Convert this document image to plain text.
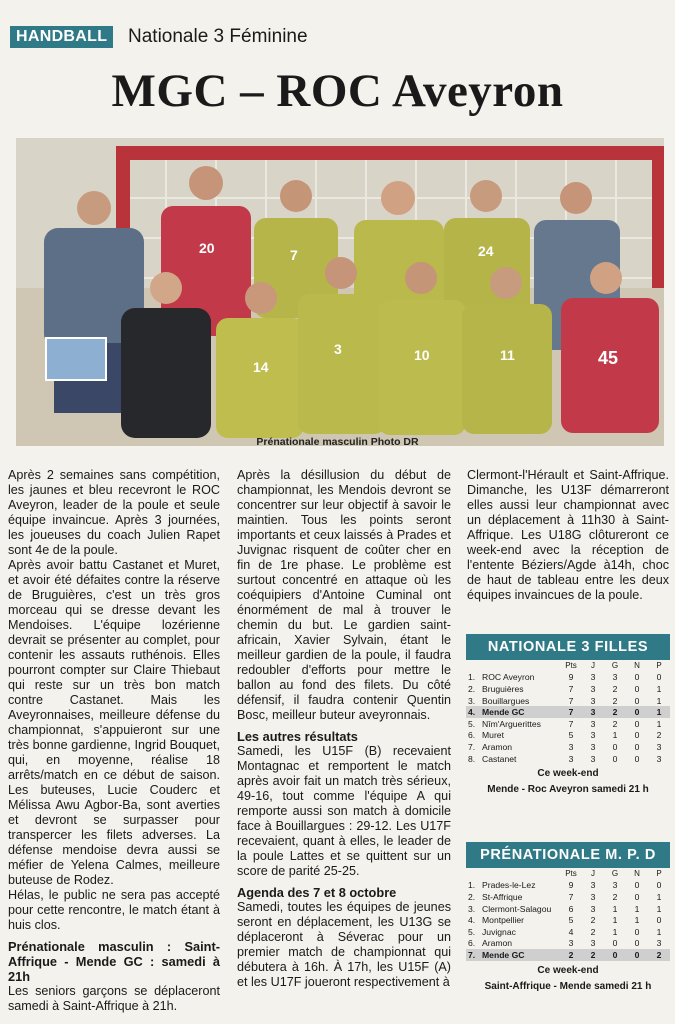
HANDBALL	Nationale 3 Féminine
MGC – ROC Aveyron
20	7	24
14
3	10	11	45
Prénationale masculin Photo DR

Après 2 semaines sans compétition, les jaunes et bleu recevront le ROC Aveyron, leader de la poule et seule équipe invaincue. Après 3 journées, les joueuses du coach Julien Rapet sont 4e de la poule.

Après avoir battu Castanet et Muret, et avoir été défaites contre la réserve de Bruguières, c'est un très gros morceau qui se dresse devant les Mendoises. L'équipe lozérienne devrait se présenter au complet, pour contenir les assauts ruthénois. Elles pourront compter sur Claire Thiebaut qui reste sur un très bon match contre Castanet. Mais les Aveyronnaises, meilleure défense du championnat, s'appuieront sur une très bonne gardienne, Ingrid Bouquet, qui, en moyenne, réalise 18 arrêts/match en ce début de saison. Les buteuses, Lucie Couderc et Mélissa Awu Agbor-Ba, sont averties et devront se surpasser pour transpercer les filets adverses. La défense mendoise devra aussi se méfier de Yelena Calmes, meilleure buteuse de Rodez.

Hélas, le public ne sera pas accepté pour cette rencontre, le match étant à huis clos.

Prénationale masculin : Saint-Affrique - Mende GC : samedi à 21h

Les seniors garçons se déplaceront samedi à Saint-Affrique à 21h.

Après la désillusion du début de championnat, les Mendois devront se concentrer sur leur objectif à savoir le maintien. Tous les points seront importants et ceux laissés à Prades et Juvignac risquent de coûter cher en fin de 1re phase. Le problème est surtout concentré en attaque où les coéquipiers d'Antoine Cuminal ont énormément de mal à trouver le chemin du but. Le gardien saint-africain, Xavier Sylvain, étant le meilleur gardien de la poule, il faudra redoubler d'efforts pour mettre le ballon au fond des filets. Du côté défensif, il faudra contenir Quentin Bosc, meilleur buteur aveyronnais.

Les autres résultats

Samedi, les U15F (B) recevaient Montagnac et remportent le match après avoir fait un match très sérieux, 49-16, tout comme l'équipe A qui remporte aussi son match à domicile face à Bouillargues : 29-12. Les U17F recevaient, quant à elles, le leader de la poule Lattes et se quittent sur un score de parité 25-25.

Agenda des 7 et 8 octobre

Samedi, toutes les équipes de jeunes seront en déplacement, les U13G se déplaceront à Séverac pour un premier match de championnat qui débutera à 16h. À 17h, les U15F (A) et les U17F joueront respectivement à

Clermont-l'Hérault et Saint-Affrique. Dimanche, les U13F démarreront elles aussi leur championnat avec un déplacement à 11h30 à Saint-Affrique. Les U18G clôtureront ce week-end avec la réception de l'entente Béziers/Agde à14h, choc de haut de tableau entre les deux équipes invaincues de la poule.

NATIONALE 3 FILLES
		Pts	J	G	N	P
1.	ROC Aveyron	9	3	3	0	0
2.	Bruguières	7	3	2	0	1
3.	Bouillargues	7	3	2	0	1
4.	Mende GC	7	3	2	0	1
5.	Nîm'Arguerittes	7	3	2	0	1
6.	Muret	5	3	1	0	2
7.	Aramon	3	3	0	0	3
8.	Castanet	3	3	0	0	3
Ce week-end
Mende - Roc Aveyron samedi 21 h
PRÉNATIONALE M. P. D
		Pts	J	G	N	P
1.	Prades-le-Lez	9	3	3	0	0
2.	St-Affrique	7	3	2	0	1
3.	Clermont-Salagou	6	3	1	1	1
4.	Montpellier	5	2	1	1	0
5.	Juvignac	4	2	1	0	1
6.	Aramon	3	3	0	0	3
7.	Mende GC	2	2	0	0	2
Ce week-end
Saint-Affrique - Mende samedi 21 h
